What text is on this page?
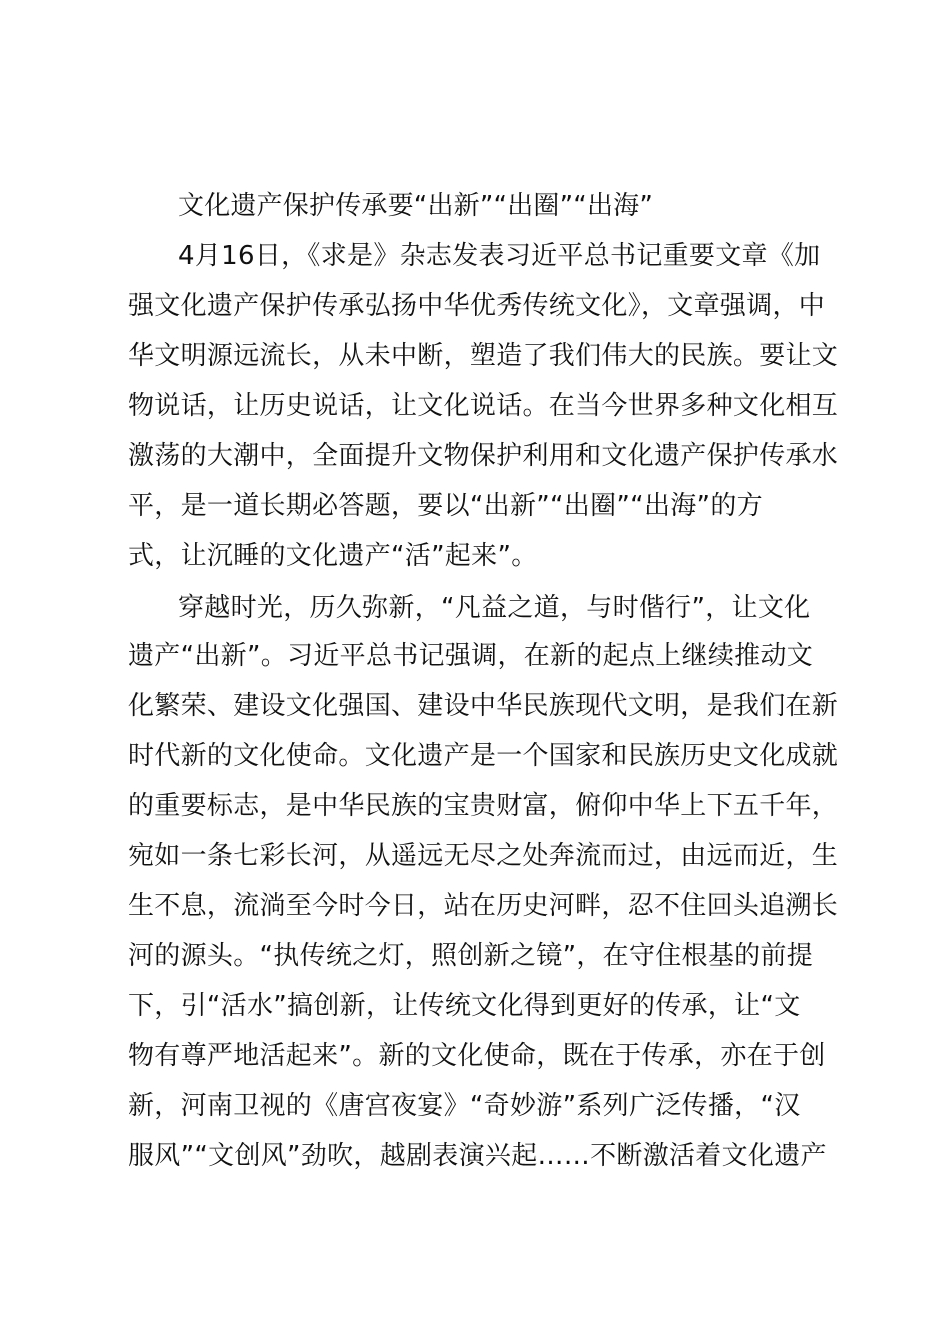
文化遗产保护传承要“出新”“出圈”“出海”
4月16日，《求是》杂志发表习近平总书记重要文章《加
强文化遗产保护传承弘扬中华优秀传统文化》，文章强调，中
华文明源远流长，从未中断，塑造了我们伟大的民族。要让文
物说话，让历史说话，让文化说话。在当今世界多种文化相互
激荡的大潮中，全面提升文物保护利用和文化遗产保护传承水
平，是一道长期必答题，要以“出新”“出圈”“出海”的方
式，让沉睡的文化遗产“活”起来”。
穿越时光，历久弥新，“凡益之道，与时偕行”，让文化
遗产“出新”。习近平总书记强调，在新的起点上继续推动文
化繁荣、建设文化强国、建设中华民族现代文明，是我们在新
时代新的文化使命。文化遗产是一个国家和民族历史文化成就
的重要标志，是中华民族的宝贵财富，俯仰中华上下五千年，
宛如一条七彩长河，从遥远无尽之处奔流而过，由远而近，生
生不息，流淌至今时今日，站在历史河畔，忍不住回头追溯长
河的源头。“执传统之灯，照创新之镜”，在守住根基的前提
下，引“活水”搞创新，让传统文化得到更好的传承，让“文
物有尊严地活起来”。新的文化使命，既在于传承，亦在于创
新，河南卫视的《唐宫夜宴》“奇妙游”系列广泛传播，“汉
服风”“文创风”劲吹，越剧表演兴起……不断激活着文化遗产
